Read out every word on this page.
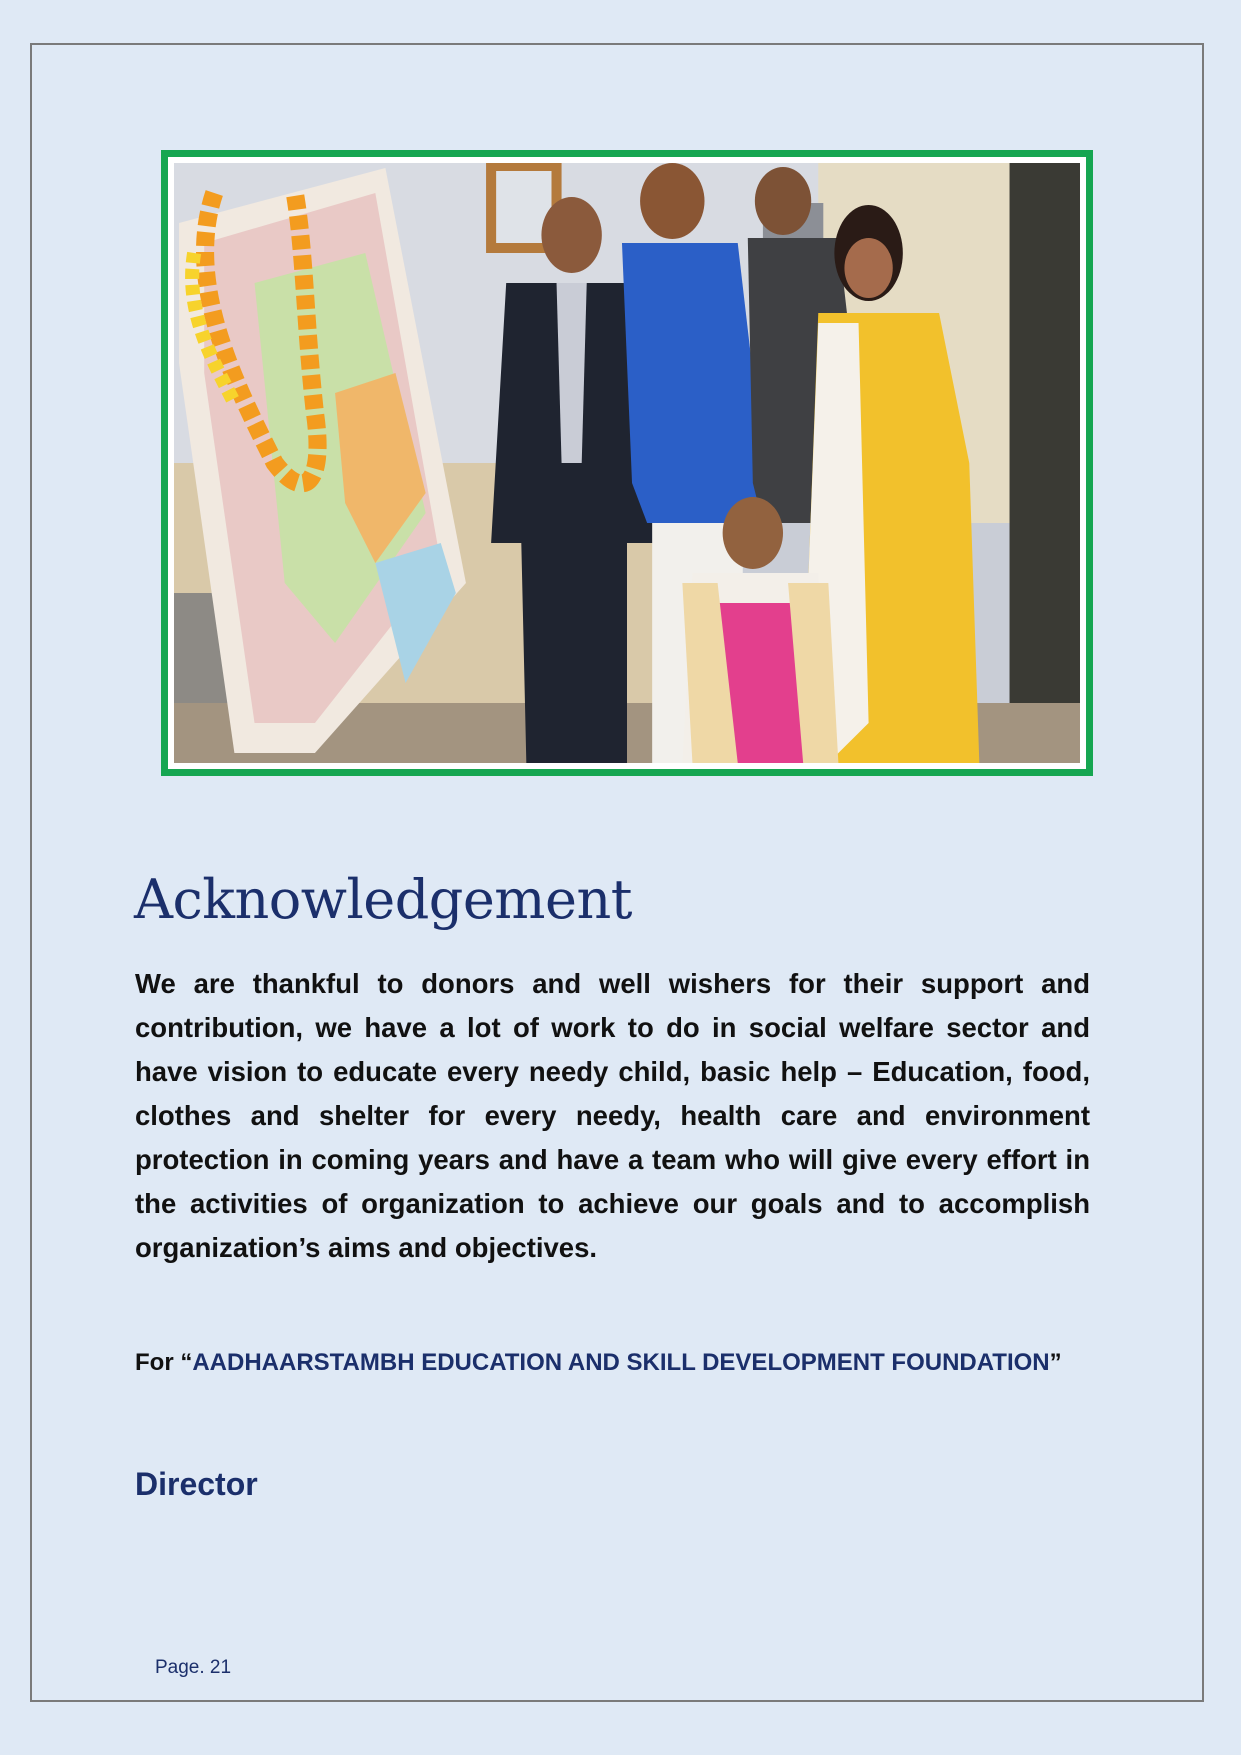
Acknowledgement

We are thankful to donors and well wishers for their support and contribution, we have a lot of work to do in social welfare sector and have vision to educate every needy child, basic help – Education, food, clothes and shelter for every needy, health care and environment protection in coming years and have a team who will give every effort in the activities of organization to achieve our goals and to accomplish organization’s aims and objectives.

For “AADHAARSTAMBH EDUCATION AND SKILL DEVELOPMENT FOUNDATION”
Director
Page. 21
